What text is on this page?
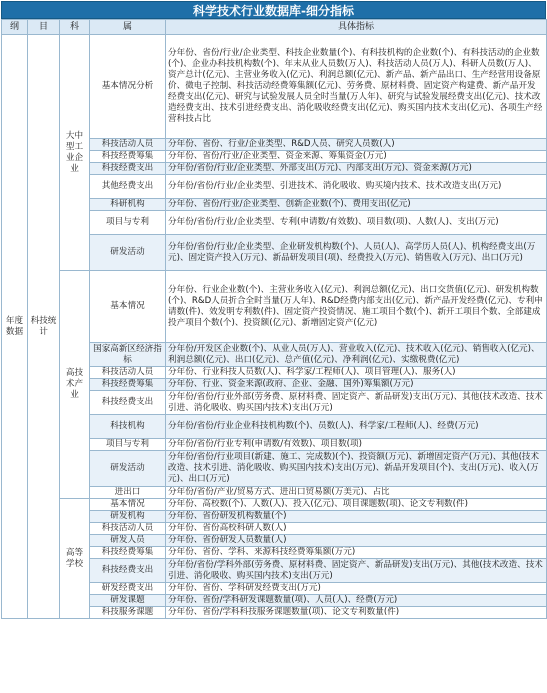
科学技术行业数据库-细分指标
纲	目	科	属	具体指标
年度数据	科技统计	大中型工业企业	基本情况分析	分年份、省份/行业/企业类型、科技企业数量(个)、有科技机构的企业数(个)、有科技活动的企业数(个)、企业办科技机构数(个)、年末从业人员数(万人)、科技活动人员(万人)、科研人员数(万人)、资产总计(亿元)、主营业务收入(亿元)、利润总额(亿元)、新产品、新产品出口、生产经营用设备原价、微电子控制、科技活动经费筹集额(亿元)、劳务费、原材料费、固定资产构建费、新产品开发经费支出(亿元)、研究与试验发展人员全时当量(万人年)、研究与试验发展经费支出(亿元)、技术改造经费支出、技术引进经费支出、消化吸收经费支出(亿元)、购买国内技术支出(亿元)、各项生产经营科技占比
			科技活动人员	分年份、省份、行业/企业类型、R&D人员、研究人员数(人)
			科技经费筹集	分年份、省份/行业/企业类型、资金来源、筹集资金(万元)
			科技经费支出	分年份/省份/行业/企业类型、外部支出(万元)、内部支出(万元)、资金来源(万元)
			其他经费支出	分年份/省份/行业/企业类型、引进技术、消化吸收、购买境内技术、技术改造支出(万元)
			科研机构	分年份、省份/行业/企业类型、创新企业数(个)、费用支出(亿元)
			项目与专利	分年份/省份/行业/企业类型、专利(申请数/有效数)、项目数(项)、人数(人)、支出(万元)
			研发活动	分年份/省份/行业/企业类型、企业研发机构数(个)、人员(人)、高学历人员(人)、机构经费支出(万元)、固定资产投入(万元)、新品研发项目(项)、经费投入(万元)、销售收入(万元)、出口(万元)
		高技术产业	基本情况	分年份、行业企业数(个)、主营业务收入(亿元)、利润总额(亿元)、出口交货值(亿元)、研发机构数(个)、R&D人员折合全时当量(万人年)、R&D经费内部支出(亿元)、新产品开发经费(亿元)、专利申请数(件)、效发明专利数(件)、固定资产投资情况、施工项目个数(个)、新开工项目个数、全部建成投产项目个数(个)、投资额(亿元)、新增固定资产(亿元)
			国家高新区经济指标	分年份/开发区企业数(个)、从业人员(万人)、营业收入(亿元)、技术收入(亿元)、销售收入(亿元)、利润总额(亿元)、出口(亿元)、总产值(亿元)、净利润(亿元)、实缴税费(亿元)
			科技活动人员	分年份、行业科技人员数(人)、科学家/工程师(人)、项目管理(人)、服务(人)
			科技经费筹集	分年份、行业、资金来源(政府、企业、金融、国外)筹集额(万元)
			科技经费支出	分年份/省份/行业外部(劳务费、原材料费、固定资产、新品研发)支出(万元)、其他(技术改造、技术引进、消化吸收、购买国内技术)支出(万元)
			科技机构	分年份/省份/行业企业科技机构数(个)、员数(人)、科学家/工程师(人)、经费(万元)
			项目与专利	分年份/省份/行业专利(申请数/有效数)、项目数(项)
			研发活动	分年份/省份/行业项目(新建、施工、完成数)(个)、投资额(万元)、新增固定资产(万元)、其他(技术改造、技术引进、消化吸收、购买国内技术)支出(万元)、新品开发项目(个)、支出(万元)、收入(万元)、出口(万元)
			进出口	分年份/省份/产业/贸易方式、进出口贸易额(万美元)、占比
		高等学校	基本情况	分年份、高校数(个)、人数(人)、投入(亿元)、项目课题数(项)、论文专利数(件)
			研发机构	分年份、省份研发机构数量(个)
			科技活动人员	分年份、省份高校科研人数(人)
			研发人员	分年份、省份研发人员数量(人)
			科技经费筹集	分年份、省份、学科、来源科技经费筹集额(万元)
			科技经费支出	分年份/省份/学科外部(劳务费、原材料费、固定资产、新品研发)支出(万元)、其他(技术改造、技术引进、消化吸收、购买国内技术)支出(万元)
			研发经费支出	分年份、省份、学科研发经费支出(万元)
			研发课题	分年份、省份/学科研发课题数量(项)、人员(人)、经费(万元)
			科技服务课题	分年份、省份/学科科技服务课题数量(项)、论文专利数量(件)
